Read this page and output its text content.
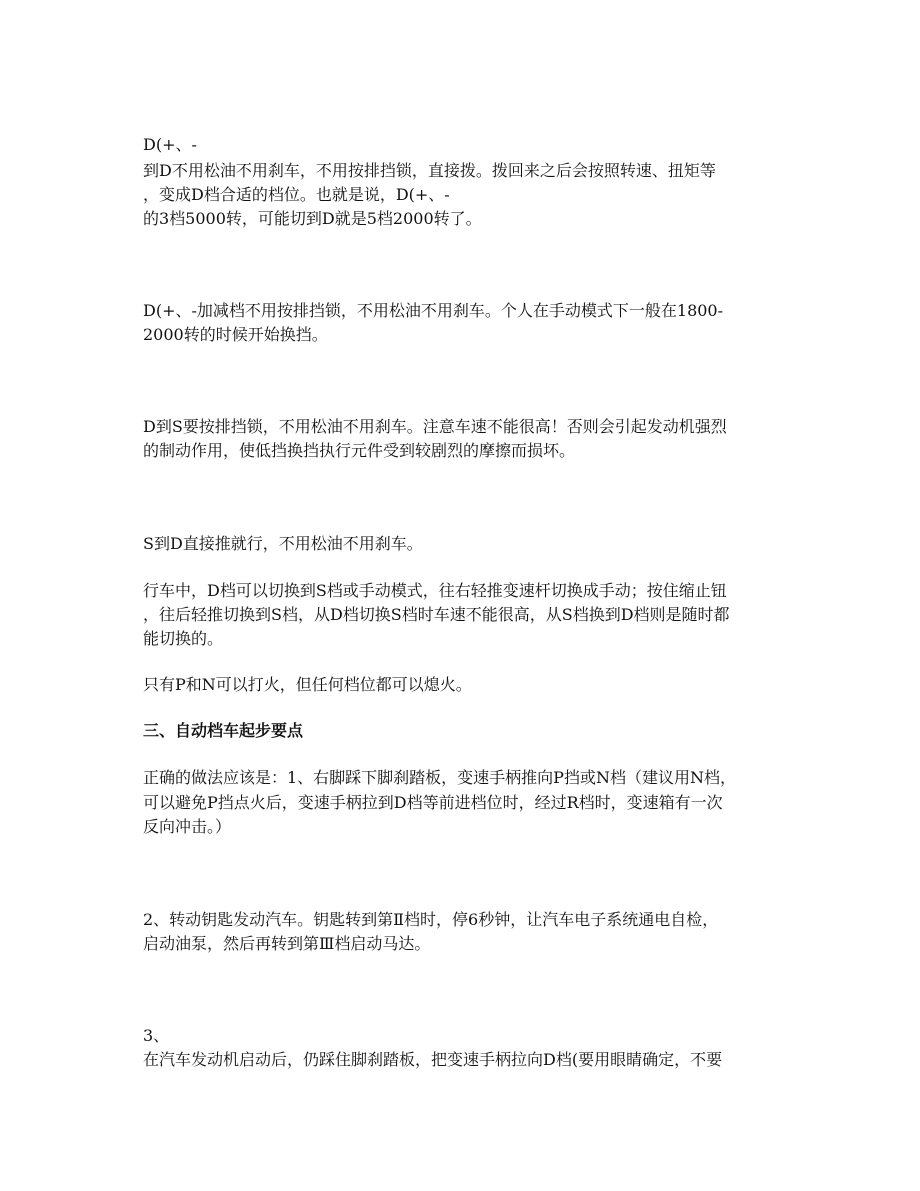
D(+、-
到D不用松油不用刹车，不用按排挡锁，直接拨。拨回来之后会按照转速、扭矩等
，变成D档合适的档位。也就是说，D(+、-
的3档5000转，可能切到D就是5档2000转了。
D(+、-加减档不用按排挡锁，不用松油不用刹车。个人在手动模式下一般在1800-
2000转的时候开始换挡。
D到S要按排挡锁，不用松油不用刹车。注意车速不能很高！否则会引起发动机强烈
的制动作用，使低挡换挡执行元件受到较剧烈的摩擦而损坏。
S到D直接推就行，不用松油不用刹车。
行车中，D档可以切换到S档或手动模式，往右轻推变速杆切换成手动；按住缩止钮
，往后轻推切换到S档，从D档切换S档时车速不能很高，从S档换到D档则是随时都
能切换的。
只有P和N可以打火，但任何档位都可以熄火。
三、自动档车起步要点
正确的做法应该是：1、右脚踩下脚刹踏板，变速手柄推向P挡或N档（建议用N档，
可以避免P挡点火后，变速手柄拉到D档等前进档位时，经过R档时，变速箱有一次
反向冲击。）
2、转动钥匙发动汽车。钥匙转到第Ⅱ档时，停6秒钟，让汽车电子系统通电自检，
启动油泵，然后再转到第Ⅲ档启动马达。
3、
在汽车发动机启动后，仍踩住脚刹踏板，把变速手柄拉向D档(要用眼睛确定，不要
